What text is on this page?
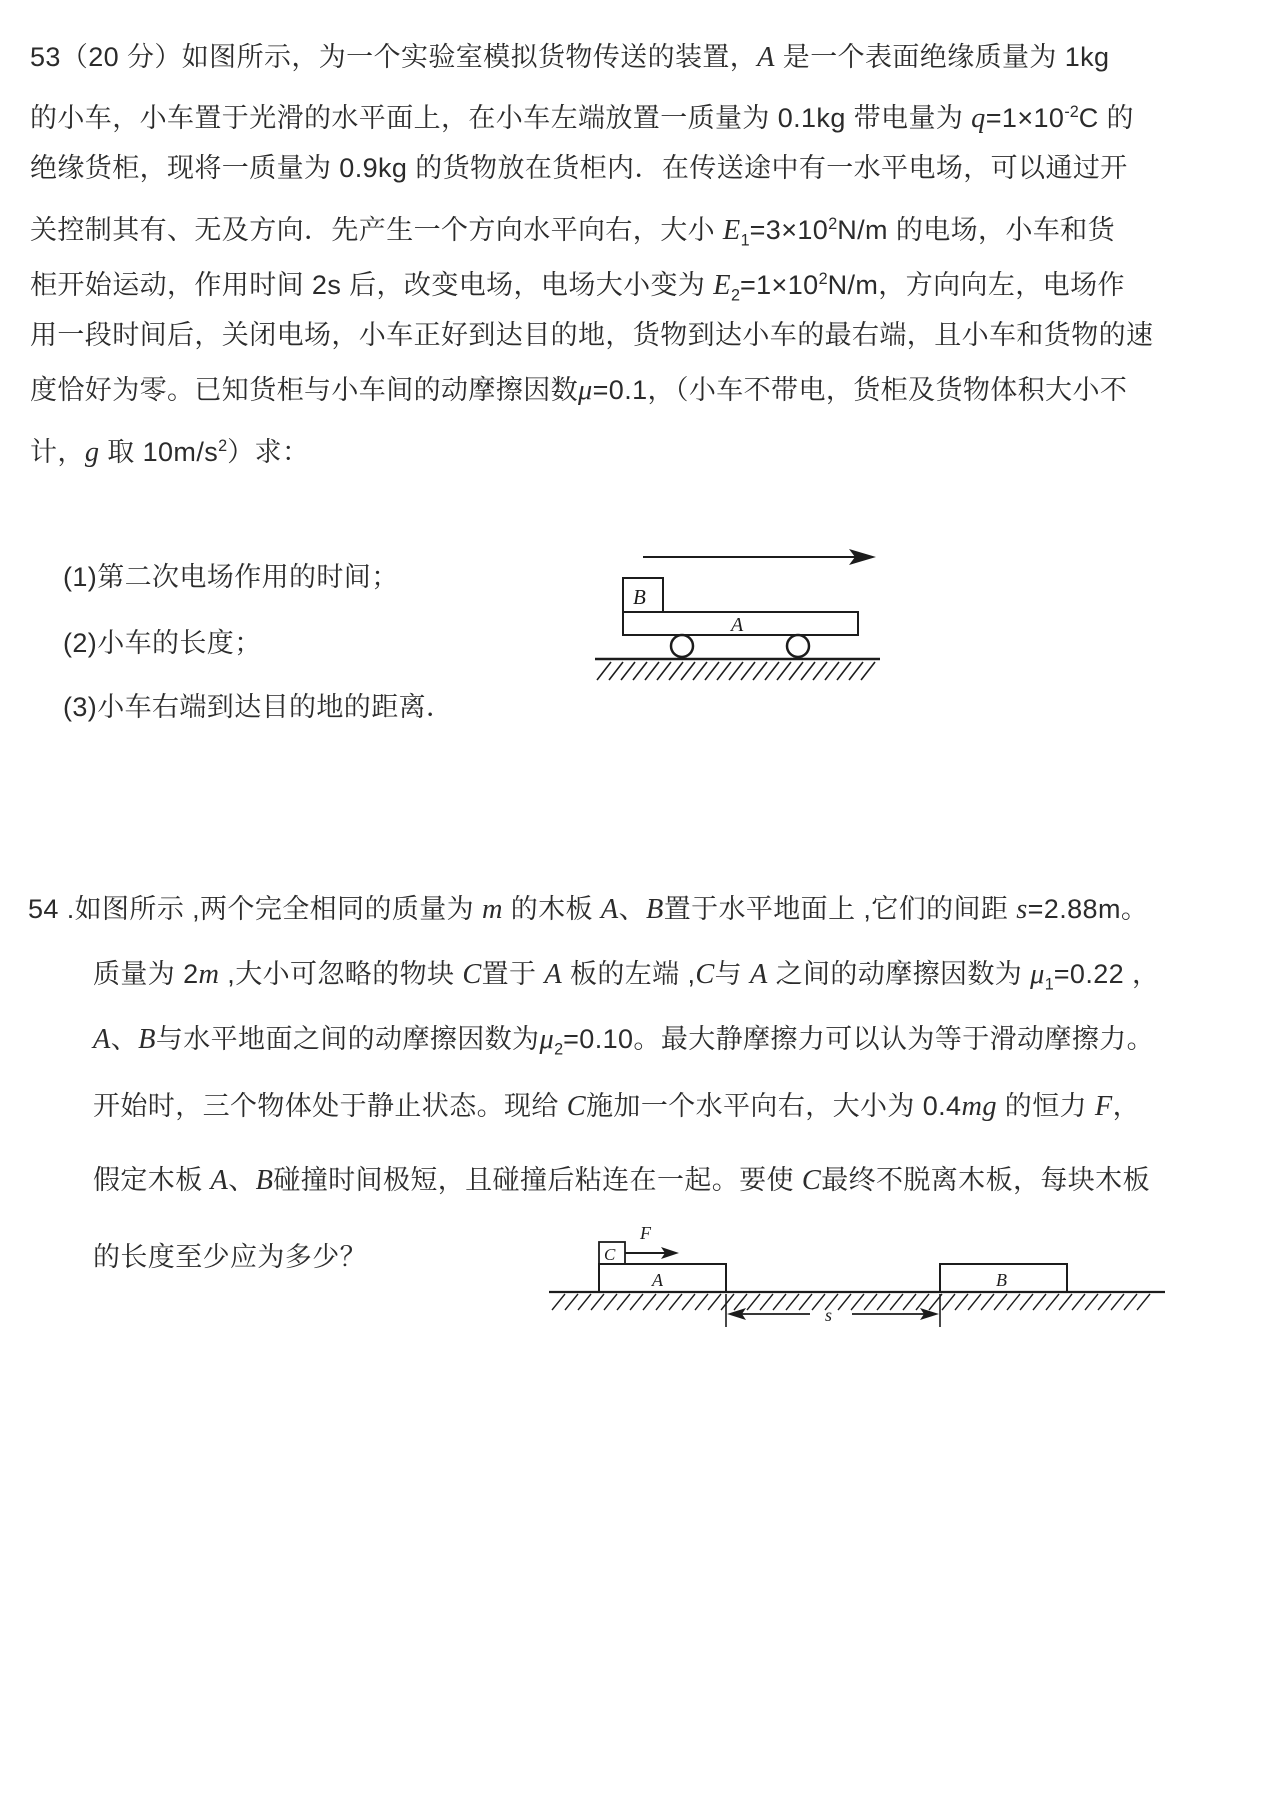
53（20 分）如图所示，为一个实验室模拟货物传送的装置，A 是一个表面绝缘质量为 1kg
的小车，小车置于光滑的水平面上，在小车左端放置一质量为 0.1kg 带电量为 $q=1\times 10^{-2}C$ 的
绝缘货柜，现将一质量为 0.9kg 的货物放在货柜内．在传送途中有一水平电场，可以通过开
关控制其有、无及方向．先产生一个方向水平向右，大小 $E_1=3\times 10^2N/m$ 的电场，小车和货
柜开始运动，作用时间 2s 后，改变电场，电场大小变为 $E_2=1\times 10^2N/m$，方向向左，电场作
用一段时间后，关闭电场，小车正好到达目的地，货物到达小车的最右端，且小车和货物的速
度恰好为零。已知货柜与小车间的动摩擦因数μ=0.1，（小车不带电，货柜及货物体积大小不
计，g 取 $10m/s^2$）求：
(1)第二次电场作用的时间；
(2)小车的长度；
(3)小车右端到达目的地的距离．
B
A
54 .如图所示 ,两个完全相同的质量为 m 的木板 A、B置于水平地面上 ,它们的间距 s=2.88m。
质量为 2m ,大小可忽略的物块 C置于 A 板的左端 ,C与 A 之间的动摩擦因数为 $\mu_1=0.22$ ，
A、B与水平地面之间的动摩擦因数为$\mu_2=0.10$。最大静摩擦力可以认为等于滑动摩擦力。
开始时，三个物体处于静止状态。现给 C施加一个水平向右，大小为 0.4mg 的恒力 F，
假定木板 A、B碰撞时间极短，且碰撞后粘连在一起。要使 C最终不脱离木板，每块木板
的长度至少应为多少？	C
F
A	B
s
